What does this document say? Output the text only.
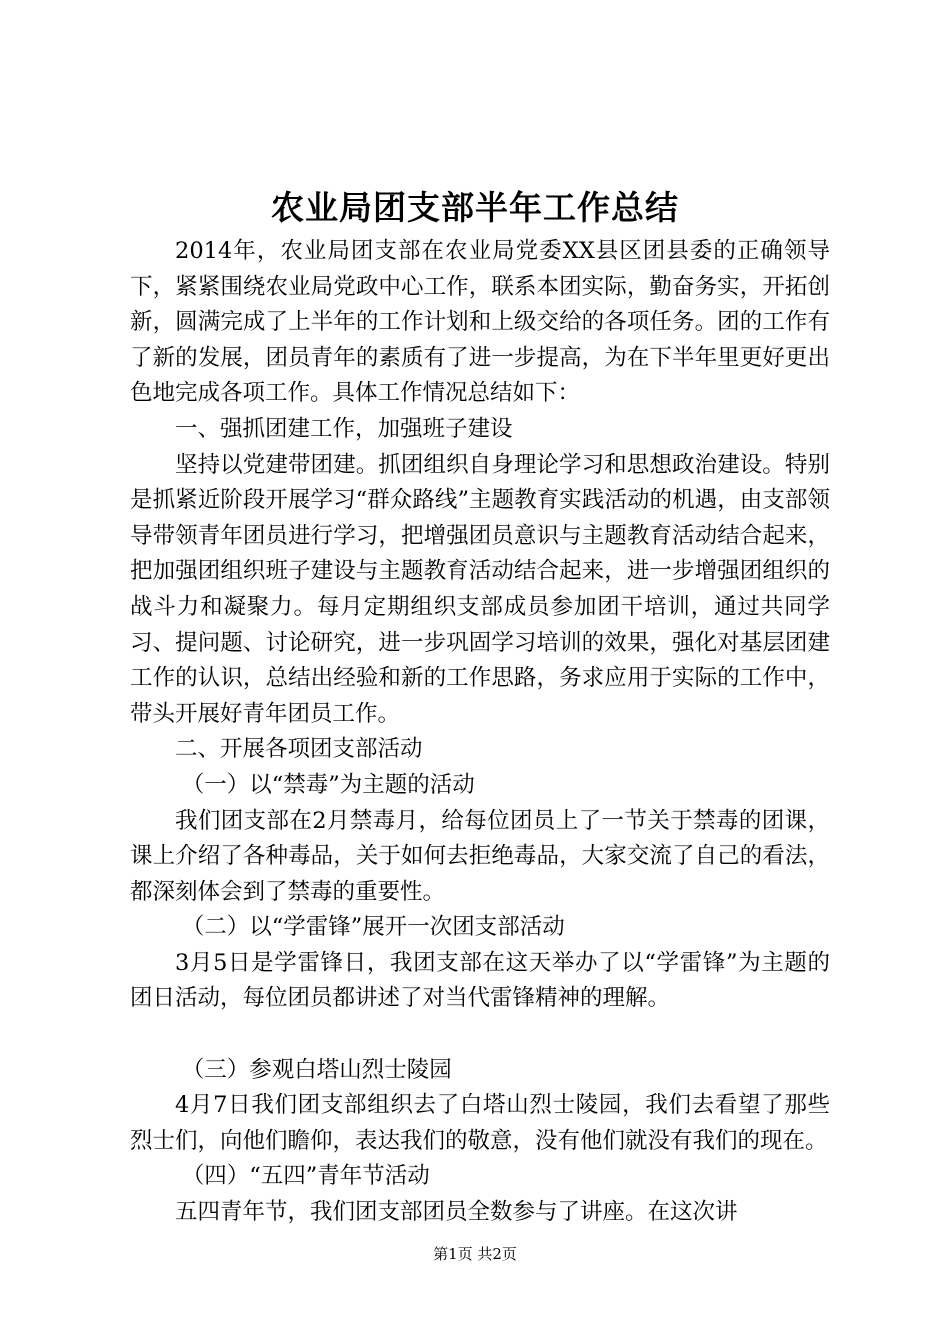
农业局团支部半年工作总结

2014年，农业局团支部在农业局党委XX县区团县委的正确领导下，紧紧围绕农业局党政中心工作，联系本团实际，勤奋务实，开拓创新，圆满完成了上半年的工作计划和上级交给的各项任务。团的工作有了新的发展，团员青年的素质有了进一步提高，为在下半年里更好更出色地完成各项工作。具体工作情况总结如下：

一、强抓团建工作，加强班子建设

坚持以党建带团建。抓团组织自身理论学习和思想政治建设。特别是抓紧近阶段开展学习“群众路线”主题教育实践活动的机遇，由支部领导带领青年团员进行学习，把增强团员意识与主题教育活动结合起来，把加强团组织班子建设与主题教育活动结合起来，进一步增强团组织的战斗力和凝聚力。每月定期组织支部成员参加团干培训，通过共同学习、提问题、讨论研究，进一步巩固学习培训的效果，强化对基层团建工作的认识，总结出经验和新的工作思路，务求应用于实际的工作中，带头开展好青年团员工作。

二、开展各项团支部活动

（一）以“禁毒”为主题的活动

我们团支部在2月禁毒月，给每位团员上了一节关于禁毒的团课，课上介绍了各种毒品，关于如何去拒绝毒品，大家交流了自己的看法，都深刻体会到了禁毒的重要性。

（二）以“学雷锋”展开一次团支部活动

3月5日是学雷锋日，我团支部在这天举办了以“学雷锋”为主题的团日活动，每位团员都讲述了对当代雷锋精神的理解。

（三）参观白塔山烈士陵园

4月7日我们团支部组织去了白塔山烈士陵园，我们去看望了那些烈士们，向他们瞻仰，表达我们的敬意，没有他们就没有我们的现在。

（四）“五四”青年节活动

五四青年节，我们团支部团员全数参与了讲座。在这次讲

第1页 共2页
